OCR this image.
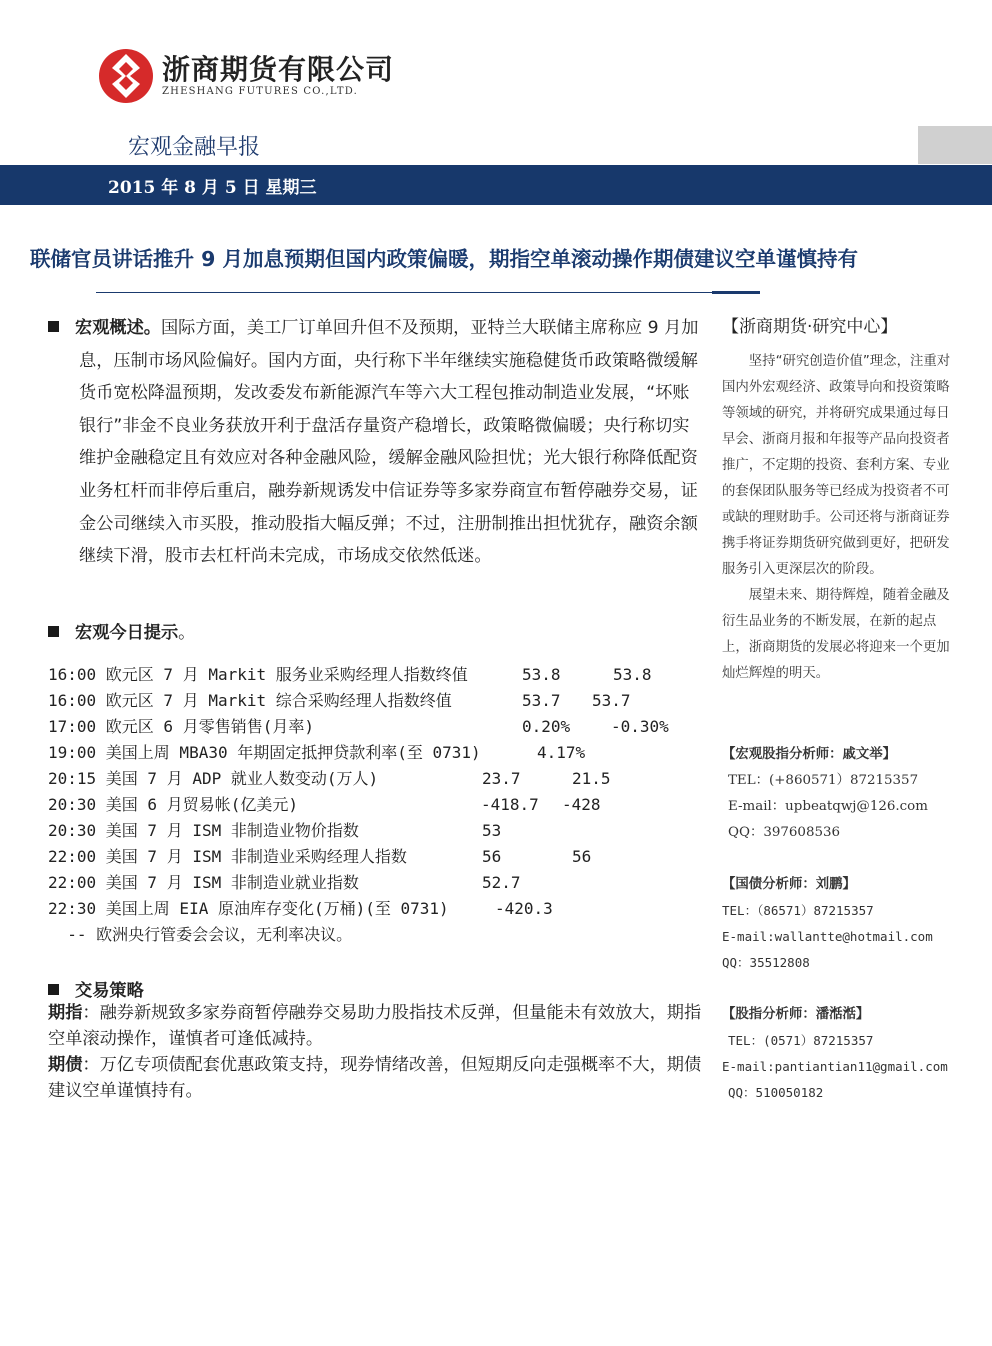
浙商期货有限公司
ZHESHANG FUTURES CO.,LTD.
宏观金融早报
2015 年 8 月 5 日 星期三
联储官员讲话推升 9 月加息预期但国内政策偏暖，期指空单滚动操作期债建议空单谨慎持有
宏观概述。国际方面，美工厂订单回升但不及预期，亚特兰大联储主席称应 9 月加息，压制市场风险偏好。国内方面，央行称下半年继续实施稳健货币政策略微缓解货币宽松降温预期，发改委发布新能源汽车等六大工程包推动制造业发展，“坏账银行”非金不良业务获放开利于盘活存量资产稳增长，政策略微偏暖；央行称切实维护金融稳定且有效应对各种金融风险，缓解金融风险担忧；光大银行称降低配资业务杠杆而非停后重启，融券新规诱发中信证券等多家券商宣布暂停融券交易，证金公司继续入市买股，推动股指大幅反弹；不过，注册制推出担忧犹存，融资余额继续下滑，股市去杠杆尚未完成，市场成交依然低迷。
宏观今日提示。
16:00 欧元区 7 月 Markit 服务业采购经理人指数终值	53.8	53.8
16:00 欧元区 7 月 Markit 综合采购经理人指数终值	53.7 53.7
17:00 欧元区 6 月零售销售(月率)	0.20%	-0.30%
19:00 美国上周 MBA30 年期固定抵押贷款利率(至 0731)	4.17%
20:15 美国 7 月 ADP 就业人数变动(万人)	23.7	21.5
20:30 美国 6 月贸易帐(亿美元)	-418.7 -428
20:30 美国 7 月 ISM 非制造业物价指数	53
22:00 美国 7 月 ISM 非制造业采购经理人指数	56	56
22:00 美国 7 月 ISM 非制造业就业指数	52.7
22:30 美国上周 EIA 原油库存变化(万桶)(至 0731)	-420.3
-- 欧洲央行管委会会议，无利率决议。
交易策略
期指：融券新规致多家券商暂停融券交易助力股指技术反弹，但量能未有效放大，期指空单滚动操作，谨慎者可逢低减持。
期债：万亿专项债配套优惠政策支持，现券情绪改善，但短期反向走强概率不大，期债建议空单谨慎持有。
【浙商期货·研究中心】

坚持“研究创造价值”理念，注重对国内外宏观经济、政策导向和投资策略等领域的研究，并将研究成果通过每日早会、浙商月报和年报等产品向投资者推广，不定期的投资、套利方案、专业的套保团队服务等已经成为投资者不可或缺的理财助手。公司还将与浙商证券携手将证券期货研究做到更好，把研发服务引入更深层次的阶段。

展望未来、期待辉煌，随着金融及衍生品业务的不断发展，在新的起点上，浙商期货的发展必将迎来一个更加灿烂辉煌的明天。

【宏观股指分析师：戚文举】
TEL：(+860571）87215357
E-mail：upbeatqwj@126.com
QQ：397608536
【国债分析师：刘鹏】
TEL：（86571）87215357
E-mail:wallantte@hotmail.com
QQ：35512808
【股指分析师：潘湉湉】
TEL：(0571）87215357
E-mail:pantiantian11@gmail.com
QQ：510050182
